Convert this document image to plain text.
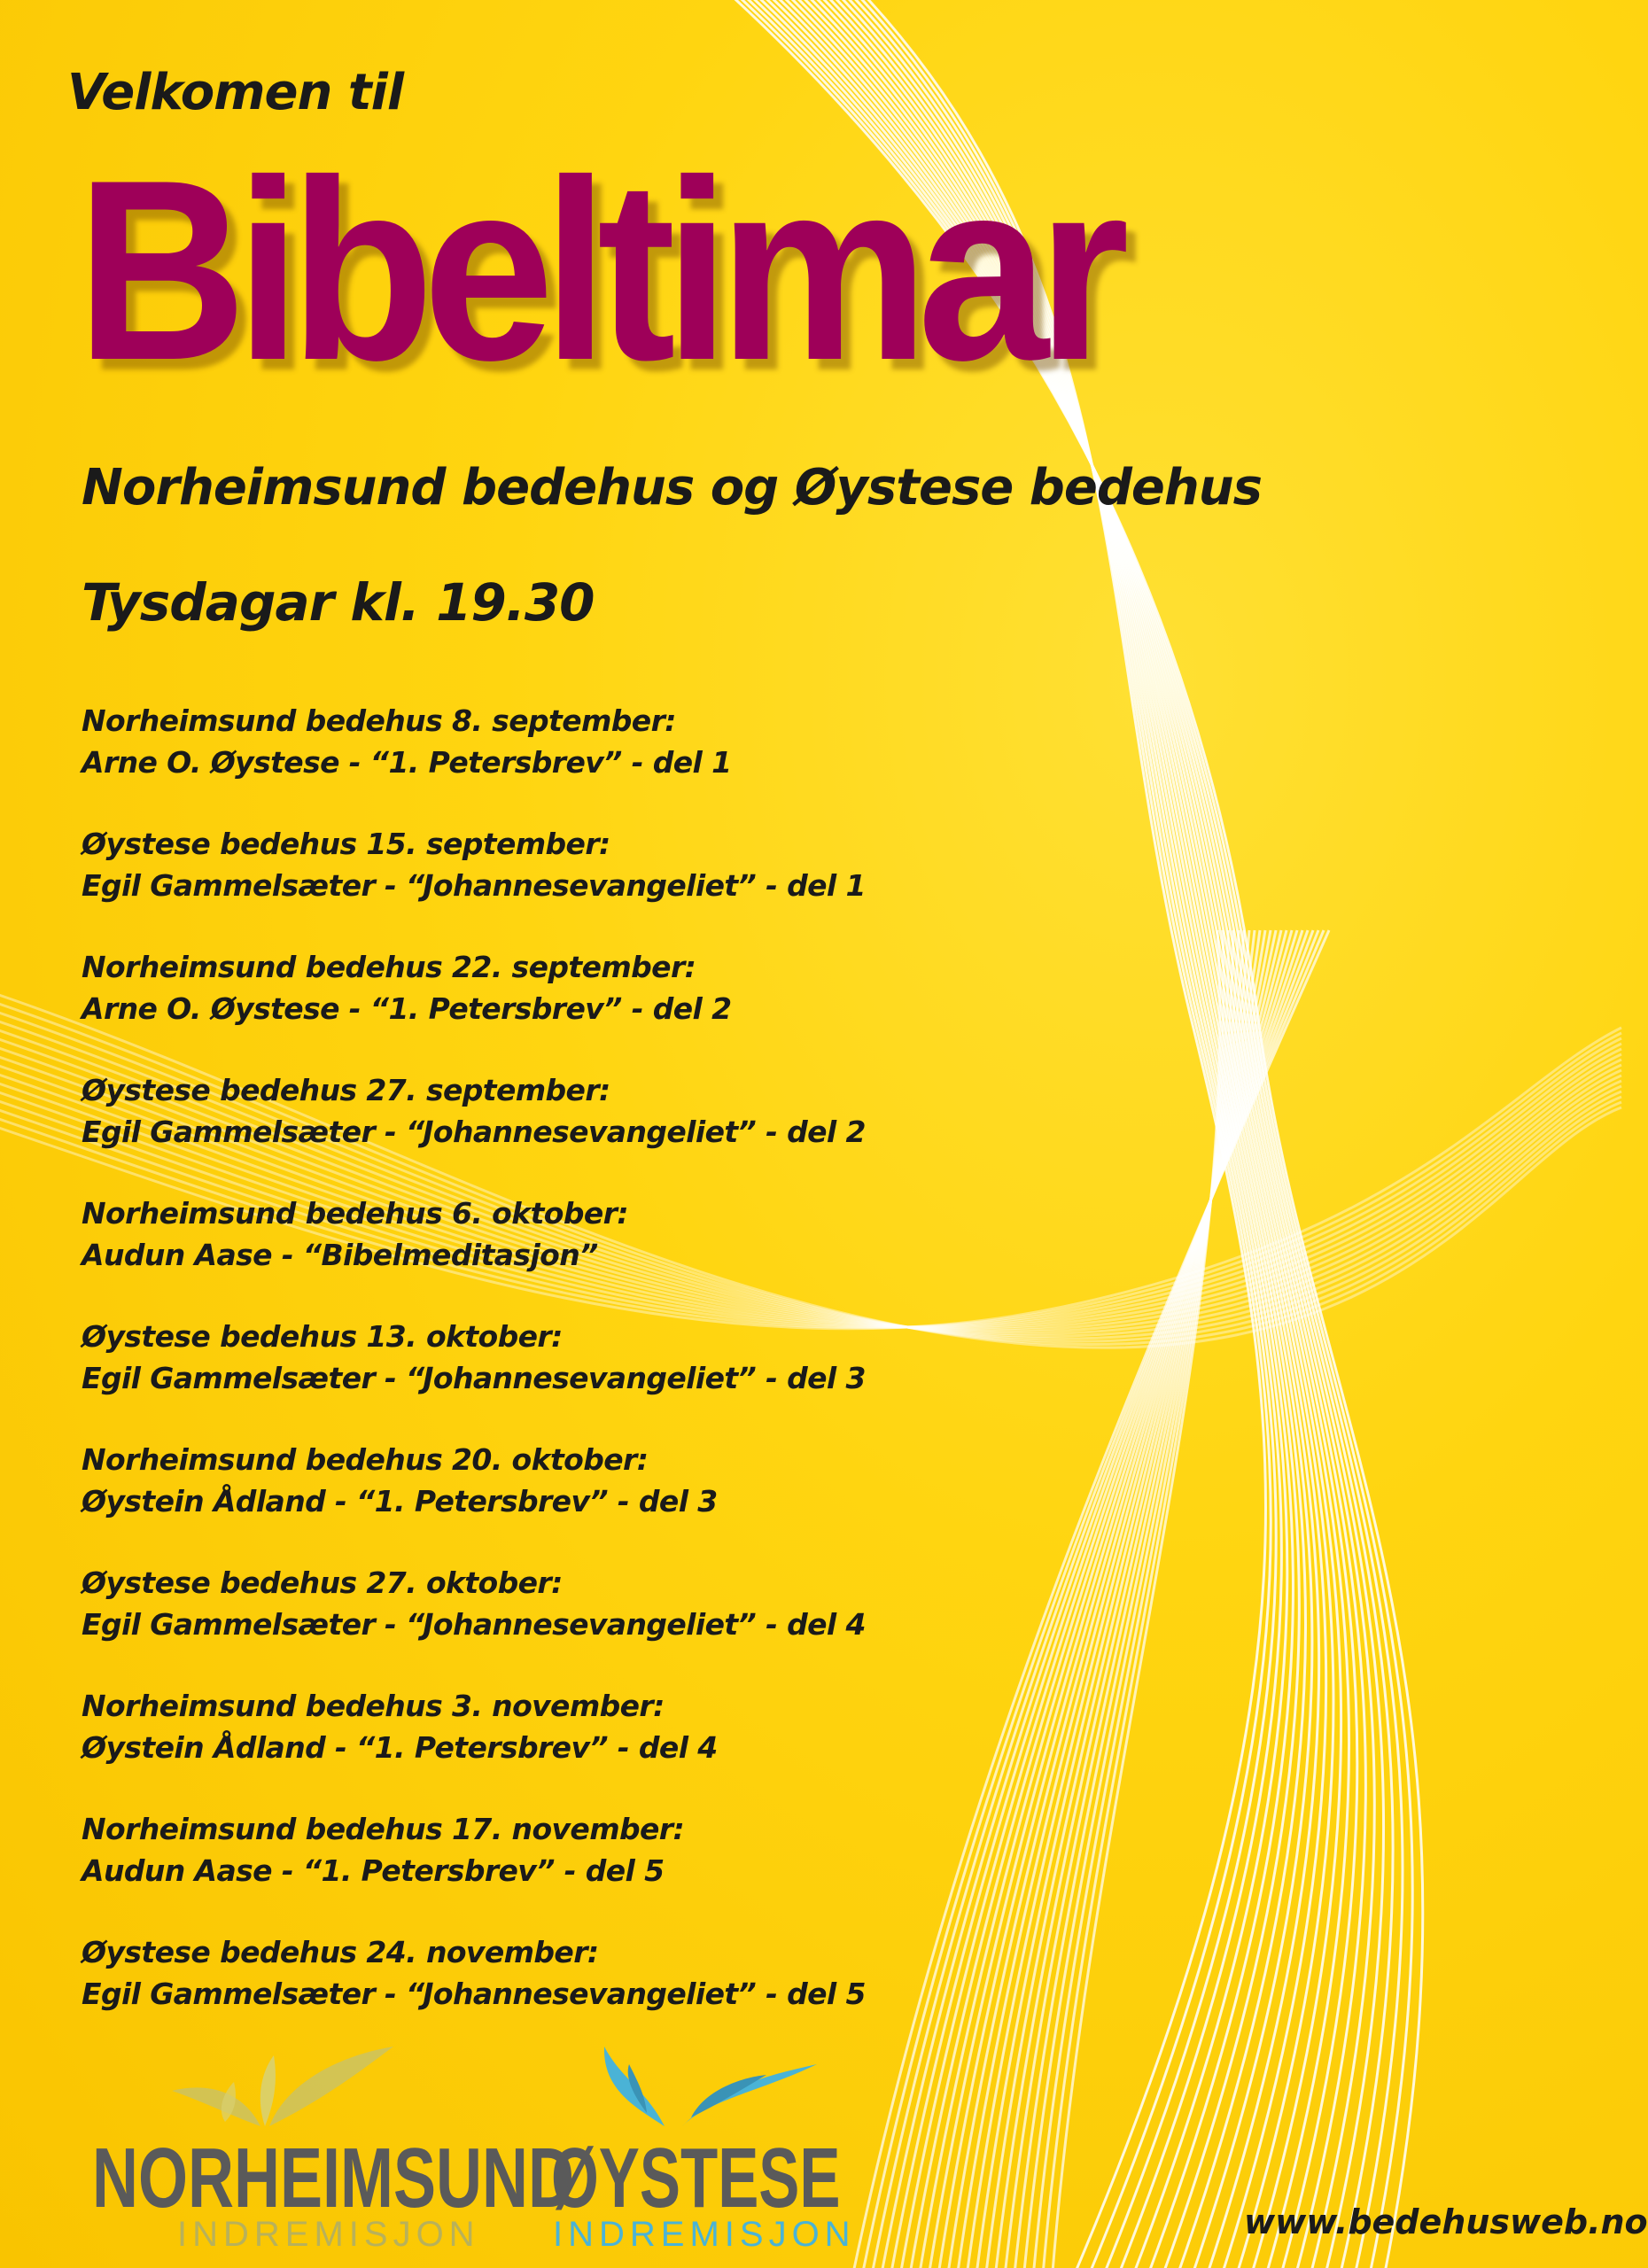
Velkomen til
Bibeltimar
Norheimsund bedehus og Øystese bedehus
Tysdagar kl. 19.30
Norheimsund bedehus 8. september:
Arne O. Øystese - “1. Petersbrev” - del 1
Øystese bedehus 15. september:
Egil Gammelsæter - “Johannesevangeliet” - del 1
Norheimsund bedehus 22. september:
Arne O. Øystese - “1. Petersbrev” - del 2
Øystese bedehus 27. september:
Egil Gammelsæter - “Johannesevangeliet” - del 2
Norheimsund bedehus 6. oktober:
Audun Aase - “Bibelmeditasjon”
Øystese bedehus 13. oktober:
Egil Gammelsæter - “Johannesevangeliet” - del 3
Norheimsund bedehus 20. oktober:
Øystein Ådland - “1. Petersbrev” - del 3
Øystese bedehus 27. oktober:
Egil Gammelsæter - “Johannesevangeliet” - del 4
Norheimsund bedehus 3. november:
Øystein Ådland - “1. Petersbrev” - del 4
Norheimsund bedehus 17. november:
Audun Aase - “1. Petersbrev” - del 5
Øystese bedehus 24. november:
Egil Gammelsæter - “Johannesevangeliet” - del 5
NORHEIMSUND
INDREMISJON
ØYSTESE
INDREMISJON	www.bedehusweb.no
